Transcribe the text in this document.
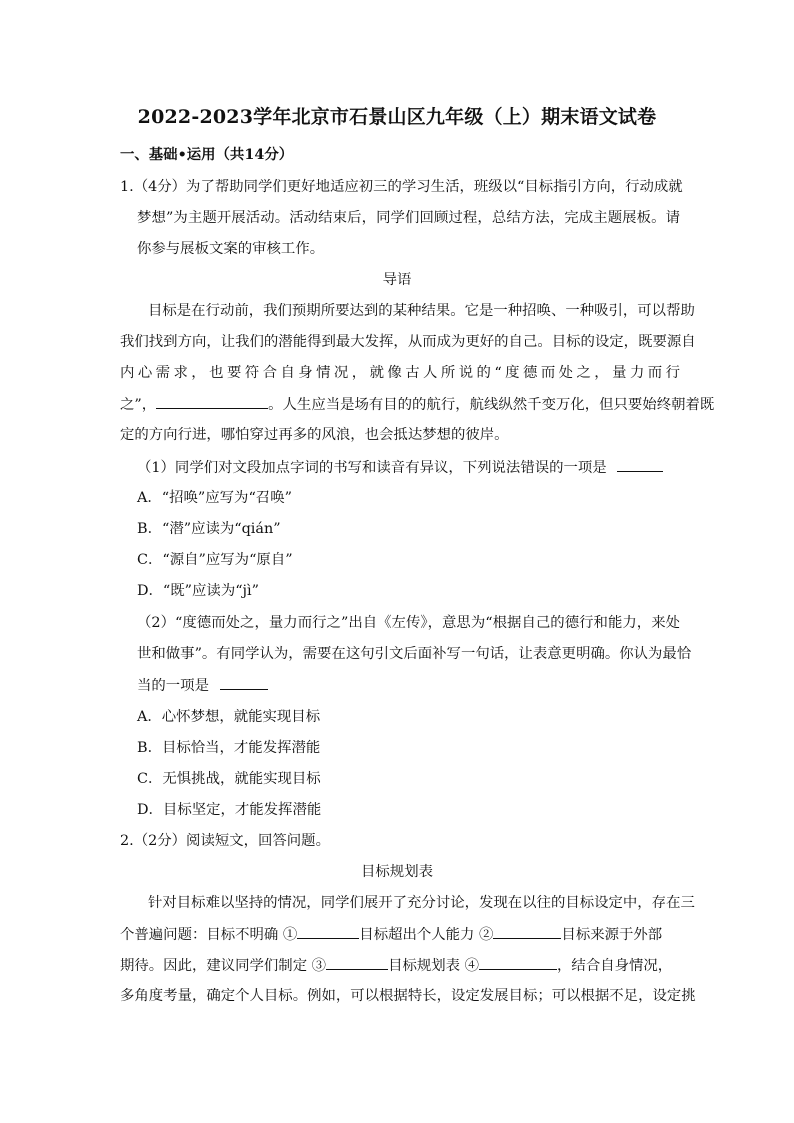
2022-2023学年北京市石景山区九年级（上）期末语文试卷
一、基础•运用（共14分）
1.（4分）为了帮助同学们更好地适应初三的学习生活，班级以“目标指引方向，行动成就
梦想”为主题开展活动。活动结束后，同学们回顾过程，总结方法，完成主题展板。请
你参与展板文案的审核工作。
导语
目标是在行动前，我们预期所要达到的某种结果。它是一种招唤、一种吸引，可以帮助
我们找到方向，让我们的潜能得到最大发挥，从而成为更好的自己。目标的设定，既要源自
内心需求，也要符合自身情况，就像古人所说的“度德而处之，量力而行
之”，	。人生应当是场有目的的航行，航线纵然千变万化，但只要始终朝着既
定的方向行进，哪怕穿过再多的风浪，也会抵达梦想的彼岸。
（1）同学们对文段加点字词的书写和读音有异议，下列说法错误的一项是
A．“招唤”应写为“召唤”
B．“潜”应读为“qián”
C．“源自”应写为“原自”
D．“既”应读为“jì”
（2）“度德而处之，量力而行之”出自《左传》，意思为“根据自己的德行和能力，来处
世和做事”。有同学认为，需要在这句引文后面补写一句话，让表意更明确。你认为最恰
当的一项是
A．心怀梦想，就能实现目标
B．目标恰当，才能发挥潜能
C．无惧挑战，就能实现目标
D．目标坚定，才能发挥潜能
2.（2分）阅读短文，回答问题。
目标规划表
针对目标难以坚持的情况，同学们展开了充分讨论，发现在以往的目标设定中，存在三
个普遍问题：目标不明确 ①	目标超出个人能力 ②	目标来源于外部
期待。因此，建议同学们制定 ③	目标规划表 ④	，结合自身情况，
多角度考量，确定个人目标。例如，可以根据特长，设定发展目标；可以根据不足，设定挑
